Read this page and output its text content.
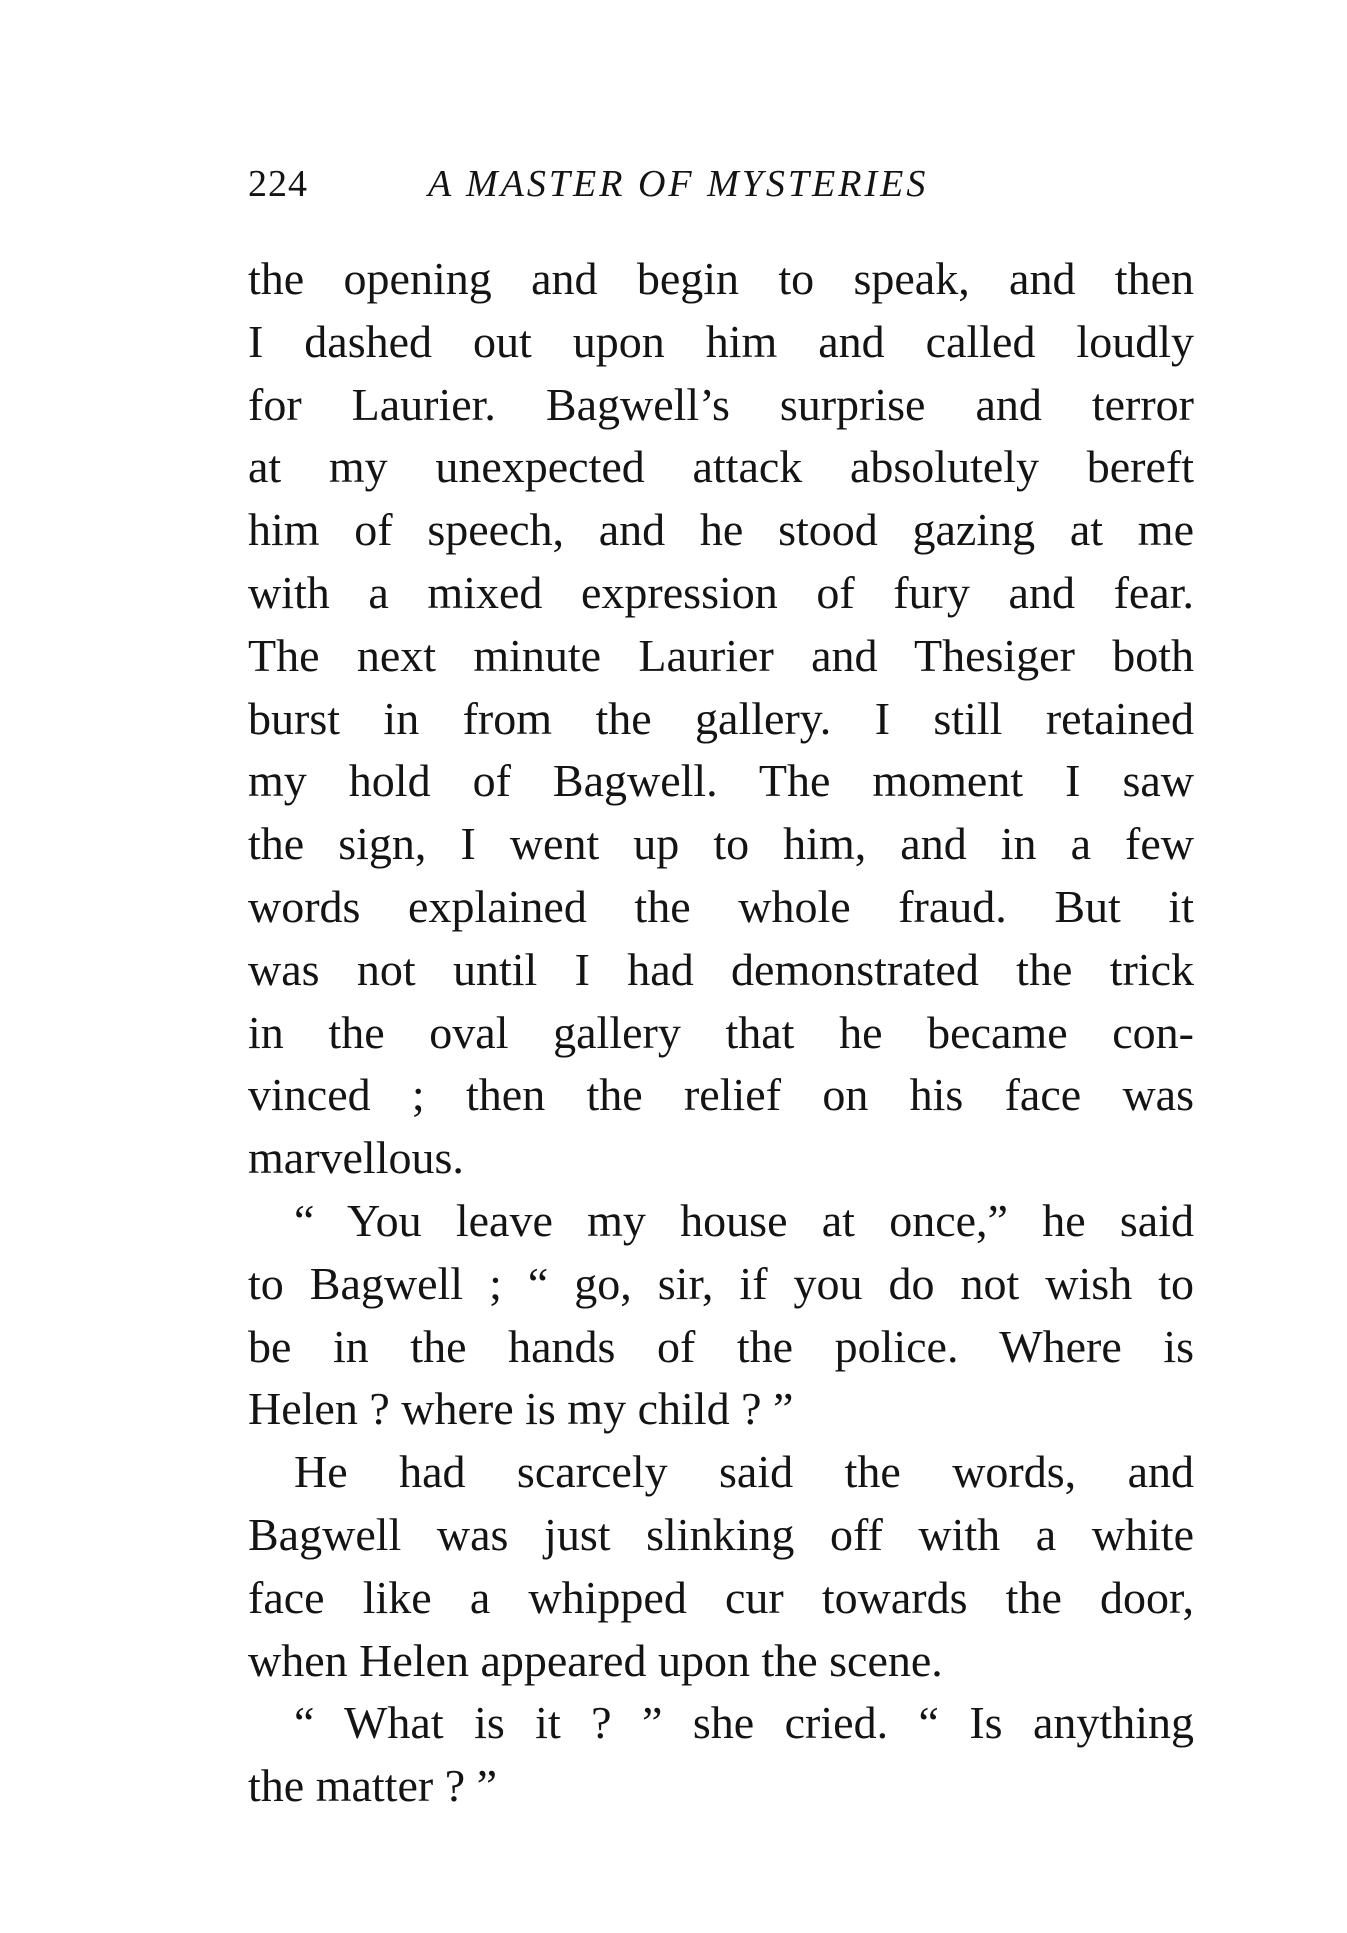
224	A MASTER OF MYSTERIES
the opening and begin to speak, and then
I dashed out upon him and called loudly
for Laurier. Bagwell’s surprise and terror
at my unexpected attack absolutely bereft
him of speech, and he stood gazing at me
with a mixed expression of fury and fear.
The next minute Laurier and Thesiger both
burst in from the gallery. I still retained
my hold of Bagwell. The moment I saw
the sign, I went up to him, and in a few
words explained the whole fraud. But it
was not until I had demonstrated the trick
in the oval gallery that he became con-
vinced ; then the relief on his face was
marvellous.
“ You leave my house at once,” he said
to Bagwell ; “ go, sir, if you do not wish to
be in the hands of the police. Where is
Helen ? where is my child ? ”
He had scarcely said the words, and
Bagwell was just slinking off with a white
face like a whipped cur towards the door,
when Helen appeared upon the scene.
“ What is it ? ” she cried. “ Is anything
the matter ? ”
